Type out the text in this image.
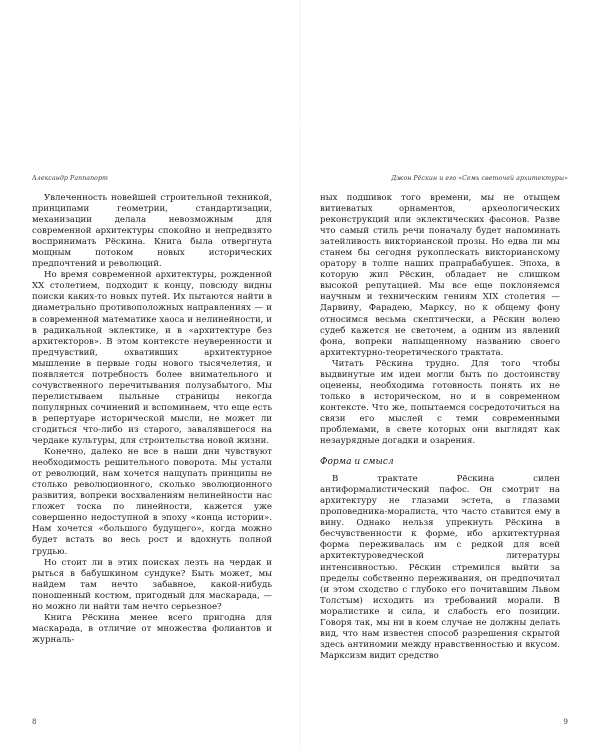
Александр Раппапорт

Увлеченность новейшей строительной техникой, принципами геометрии, стандартизации, механизации делала невозможным для современной архитектуры спокойно и непредвзято воспринимать Рёскина. Книга была отвергнута мощным потоком новых исторических предпочтений и революций.

Но время современной архитектуры, рожденной XX столетием, подходит к концу, повсюду видны поиски каких-то новых путей. Их пытаются найти в диаметрально противоположных направлениях — и в современной математике хаоса и нелинейности, и в радикальной эклектике, и в «архитектуре без архитекторов». В этом контексте неуверенности и предчувствий, охвативших архитектурное мышление в первые годы нового тысячелетия, и появляется потребность более внимательного и сочувственного перечитывания полузабытого. Мы перелистываем пыльные страницы некогда популярных сочинений и вспоминаем, что еще есть в репертуаре исторической мысли, не может ли сгодиться что-либо из старого, завалявшегося на чердаке культуры, для строительства новой жизни.

Конечно, далеко не все в наши дни чувствуют необходимость решительного поворота. Мы устали от революций, нам хочется нащупать принципы не столько революционного, сколько эволюционного развития, вопреки восхвалениям нелинейности нас гложет тоска по линейности, кажется уже совершенно недоступной в эпоху «конца истории». Нам хочется «большого будущего», когда можно будет встать во весь рост и вдохнуть полной грудью.

Но стоит ли в этих поисках лезть на чердак и рыться в бабушкином сундуке? Быть может, мы найдем там нечто забавное, какой-нибудь поношенный костюм, пригодный для маскарада, — но можно ли найти там нечто серьезное?

Книга Рёскина менее всего пригодна для маскарада, в отличие от множества фолиантов и журналь-

8
Джон Рёскин и его «Семь светочей архитектуры»

ных подшивок того времени, мы не отыщем витиеватых орнаментов, археологических реконструкций или эклектических фасонов. Разве что самый стиль речи поначалу будет напоминать затейливость викторианской прозы. Но едва ли мы станем бы сегодня рукоплескать викторианскому оратору в толпе наших прапрабабушек. Эпоха, в которую жил Рёскин, обладает не слишком высокой репутацией. Мы все еще поклоняемся научным и техническим гениям XIX столетия — Дарвину, Фарадею, Марксу, но к общему фону относимся весьма скептически, а Рёскин волею судеб кажется не светочем, а одним из явлений фона, вопреки напыщенному названию своего архитектурно-теоретического трактата.

Читать Рёскина трудно. Для того чтобы выдвинутые им идеи могли быть по достоинству оценены, необходима готовность понять их не только в историческом, но и в современном контексте. Что же, попытаемся сосредоточиться на связи его мыслей с теми современными проблемами, в свете которых они выглядят как незаурядные догадки и озарения.

Форма и смысл

В трактате Рёскина силен антиформалистический пафос. Он смотрит на архитектуру не глазами эстета, а глазами проповедника-моралиста, что часто ставится ему в вину. Однако нельзя упрекнуть Рёскина в бесчувственности к форме, ибо архитектурная форма переживалась им с редкой для всей архитектуроведческой литературы интенсивностью. Рёскин стремился выйти за пределы собственно переживания, он предпочитал (и этом сходство с глубоко его почитавшим Львом Толстым) исходить из требований морали. В моралистике и сила, и слабость его позиции. Говоря так, мы ни в коем случае не должны делать вид, что нам известен способ разрешения скрытой здесь антиномии между нравственностью и вкусом. Марксизм видит средство

9
